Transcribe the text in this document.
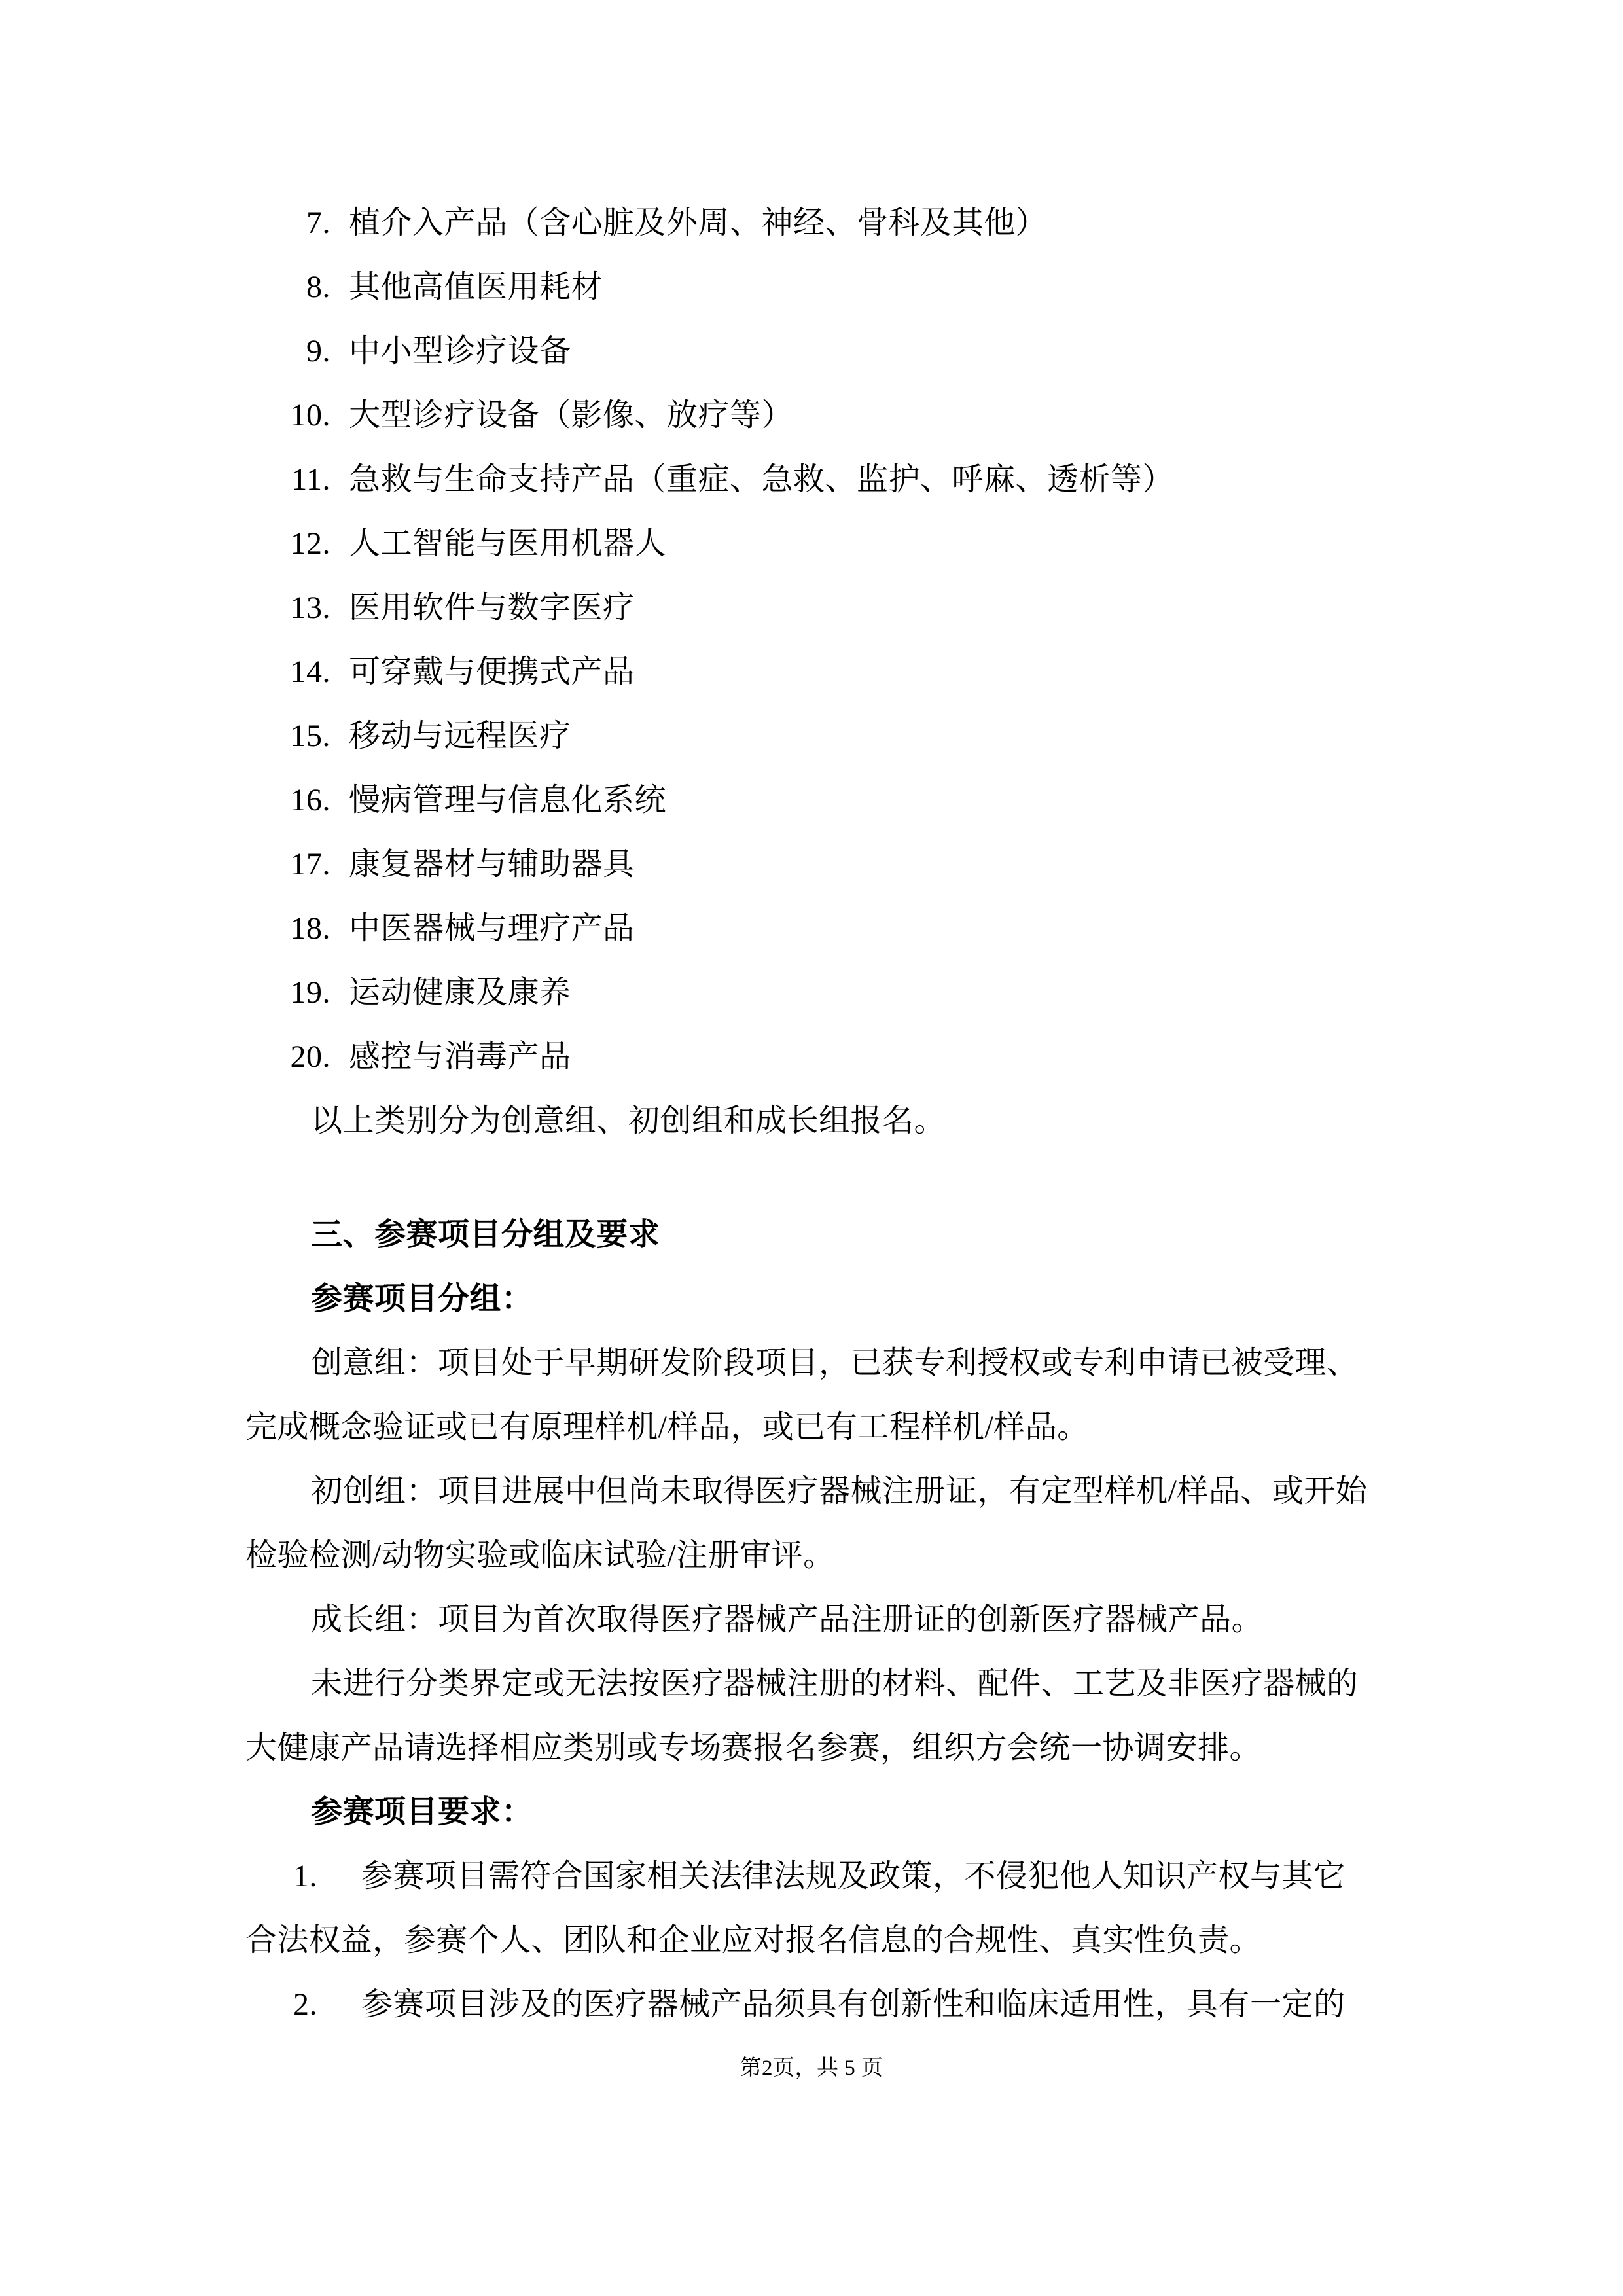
7. 植介入产品（含心脏及外周、神经、骨科及其他）
8. 其他高值医用耗材
9. 中小型诊疗设备
10. 大型诊疗设备（影像、放疗等）
11. 急救与生命支持产品（重症、急救、监护、呼麻、透析等）
12. 人工智能与医用机器人
13. 医用软件与数字医疗
14. 可穿戴与便携式产品
15. 移动与远程医疗
16. 慢病管理与信息化系统
17. 康复器材与辅助器具
18. 中医器械与理疗产品
19. 运动健康及康养
20. 感控与消毒产品
以上类别分为创意组、初创组和成长组报名。
三、参赛项目分组及要求
参赛项目分组：
创意组：项目处于早期研发阶段项目，已获专利授权或专利申请已被受理、
完成概念验证或已有原理样机/样品，或已有工程样机/样品。
初创组：项目进展中但尚未取得医疗器械注册证，有定型样机/样品、或开始
检验检测/动物实验或临床试验/注册审评。
成长组：项目为首次取得医疗器械产品注册证的创新医疗器械产品。
未进行分类界定或无法按医疗器械注册的材料、配件、工艺及非医疗器械的
大健康产品请选择相应类别或专场赛报名参赛，组织方会统一协调安排。
参赛项目要求：
1. 参赛项目需符合国家相关法律法规及政策，不侵犯他人知识产权与其它
合法权益，参赛个人、团队和企业应对报名信息的合规性、真实性负责。
2. 参赛项目涉及的医疗器械产品须具有创新性和临床适用性，具有一定的
第2页，共 5 页
